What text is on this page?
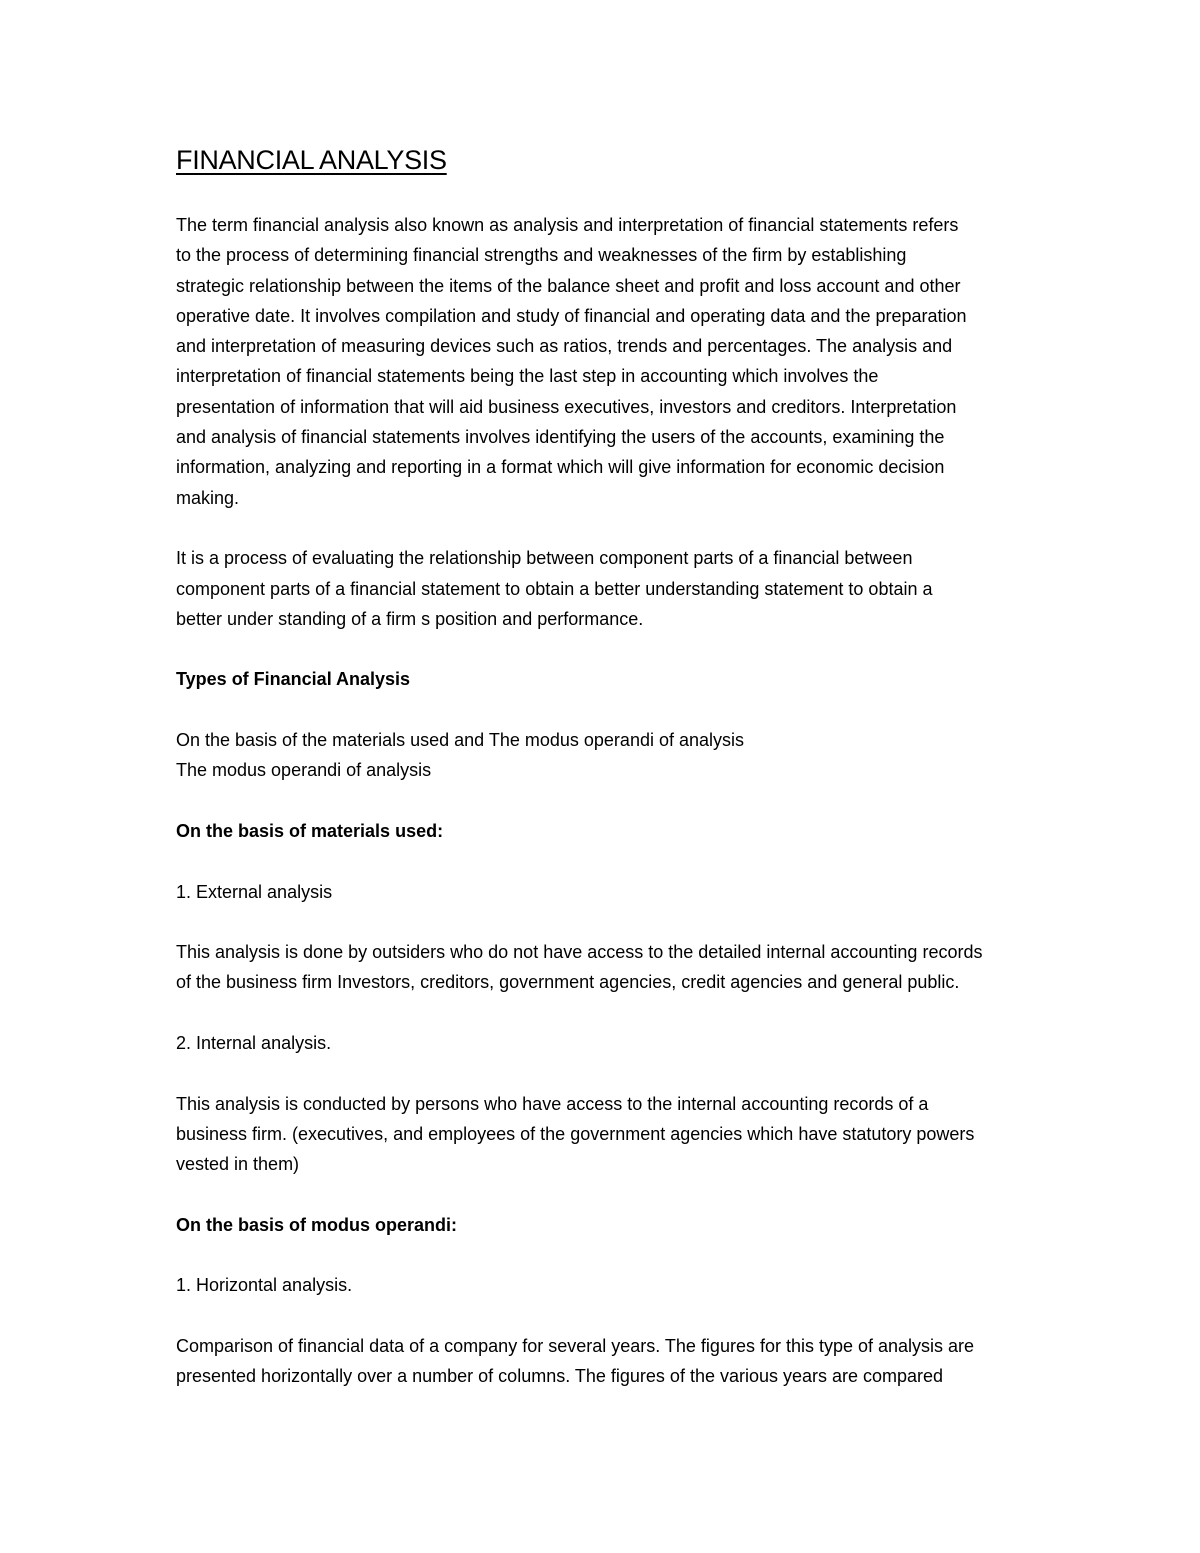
FINANCIAL ANALYSIS

The term financial analysis also known as analysis and interpretation of financial statements refers

to the process of determining financial strengths and weaknesses of the firm by establishing

strategic relationship between the items of the balance sheet and profit and loss account and other

operative date. It involves compilation and study of financial and operating data and the preparation

and interpretation of measuring devices such as ratios, trends and percentages. The analysis and

interpretation of financial statements being the last step in accounting which involves the

presentation of information that will aid business executives, investors and creditors. Interpretation

and analysis of financial statements involves identifying the users of the accounts, examining the

information, analyzing and reporting in a format which will give information for economic decision

making.

It is a process of evaluating the relationship between component parts of a financial between

component parts of a financial statement to obtain a better understanding statement to obtain a

better under standing of a firm s position and performance.

Types of Financial Analysis

On the basis of the materials used and The modus operandi of analysis

The modus operandi of analysis

On the basis of materials used:

1. External analysis

This analysis is done by outsiders who do not have access to the detailed internal accounting records

of the business firm Investors, creditors, government agencies, credit agencies and general public.

2. Internal analysis.

This analysis is conducted by persons who have access to the internal accounting records of a

business firm. (executives, and employees of the government agencies which have statutory powers

vested in them)

On the basis of modus operandi:

1. Horizontal analysis.

Comparison of financial data of a company for several years. The figures for this type of analysis are

presented horizontally over a number of columns. The figures of the various years are compared
